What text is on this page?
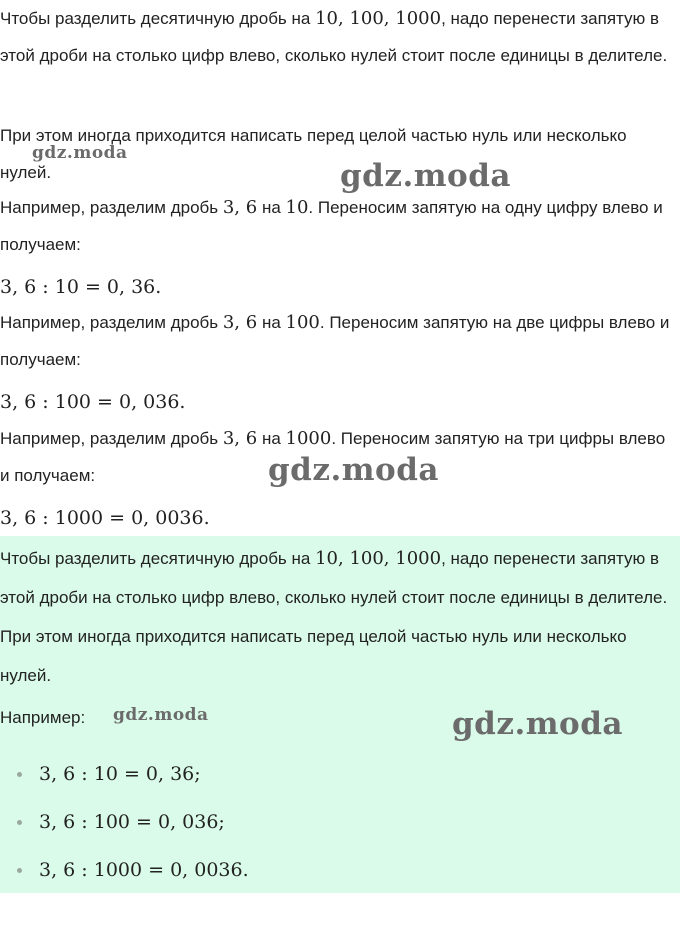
Чтобы разделить десятичную дробь на 10, 100, 1000, надо перенести запятую в этой дроби на столько цифр влево, сколько нулей стоит после единицы в делителе.
При этом иногда приходится написать перед целой частью нуль или несколько нулей.
Например, разделим дробь 3, 6 на 10. Переносим запятую на одну цифру влево и получаем:
3, 6 : 10 = 0, 36.
Например, разделим дробь 3, 6 на 100. Переносим запятую на две цифры влево и получаем:
3, 6 : 100 = 0, 036.
Например, разделим дробь 3, 6 на 1000. Переносим запятую на три цифры влево и получаем:
3, 6 : 1000 = 0, 0036.
Чтобы разделить десятичную дробь на 10, 100, 1000, надо перенести запятую в этой дроби на столько цифр влево, сколько нулей стоит после единицы в делителе. При этом иногда приходится написать перед целой частью нуль или несколько нулей.
Например:
3, 6 : 10 = 0, 36;
3, 6 : 100 = 0, 036;
3, 6 : 1000 = 0, 0036.
gdz.moda
gdz.moda
gdz.moda
gdz.moda	gdz.moda
